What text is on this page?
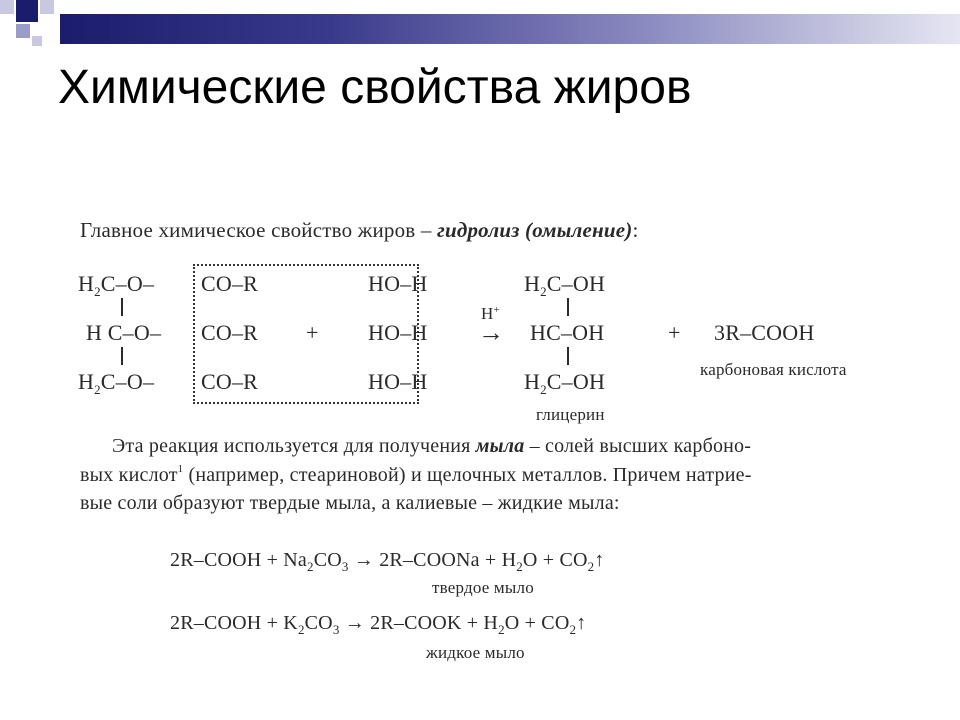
Химические свойства жиров
Главное химическое свойство жиров – гидролиз (омыление):
$H_2C-O-$
H C–O–
$H_2C-O-$
CO–R
CO–R
CO–R
+
HO–H
HO–H
HO–H
H+
→
$H_2C-OH$
HC–OH
$H_2C-OH$
глицерин
+ 3R–COOH
карбоновая кислота
Эта реакция используется для получения мыла – солей высших карбоно-
вых кислот$^1$ (например, стеариновой) и щелочных металлов. Причем натрие-
вые соли образуют твердые мыла, а калиевые – жидкие мыла:
2R–COOH + $Na_2CO_3$ → 2R–COONa + $H_2O$ + $CO_2↑$
твердое мыло
2R–COOH + $K_2CO_3$ → 2R–COOK + $H_2O$ + $CO_2↑$
жидкое мыло
